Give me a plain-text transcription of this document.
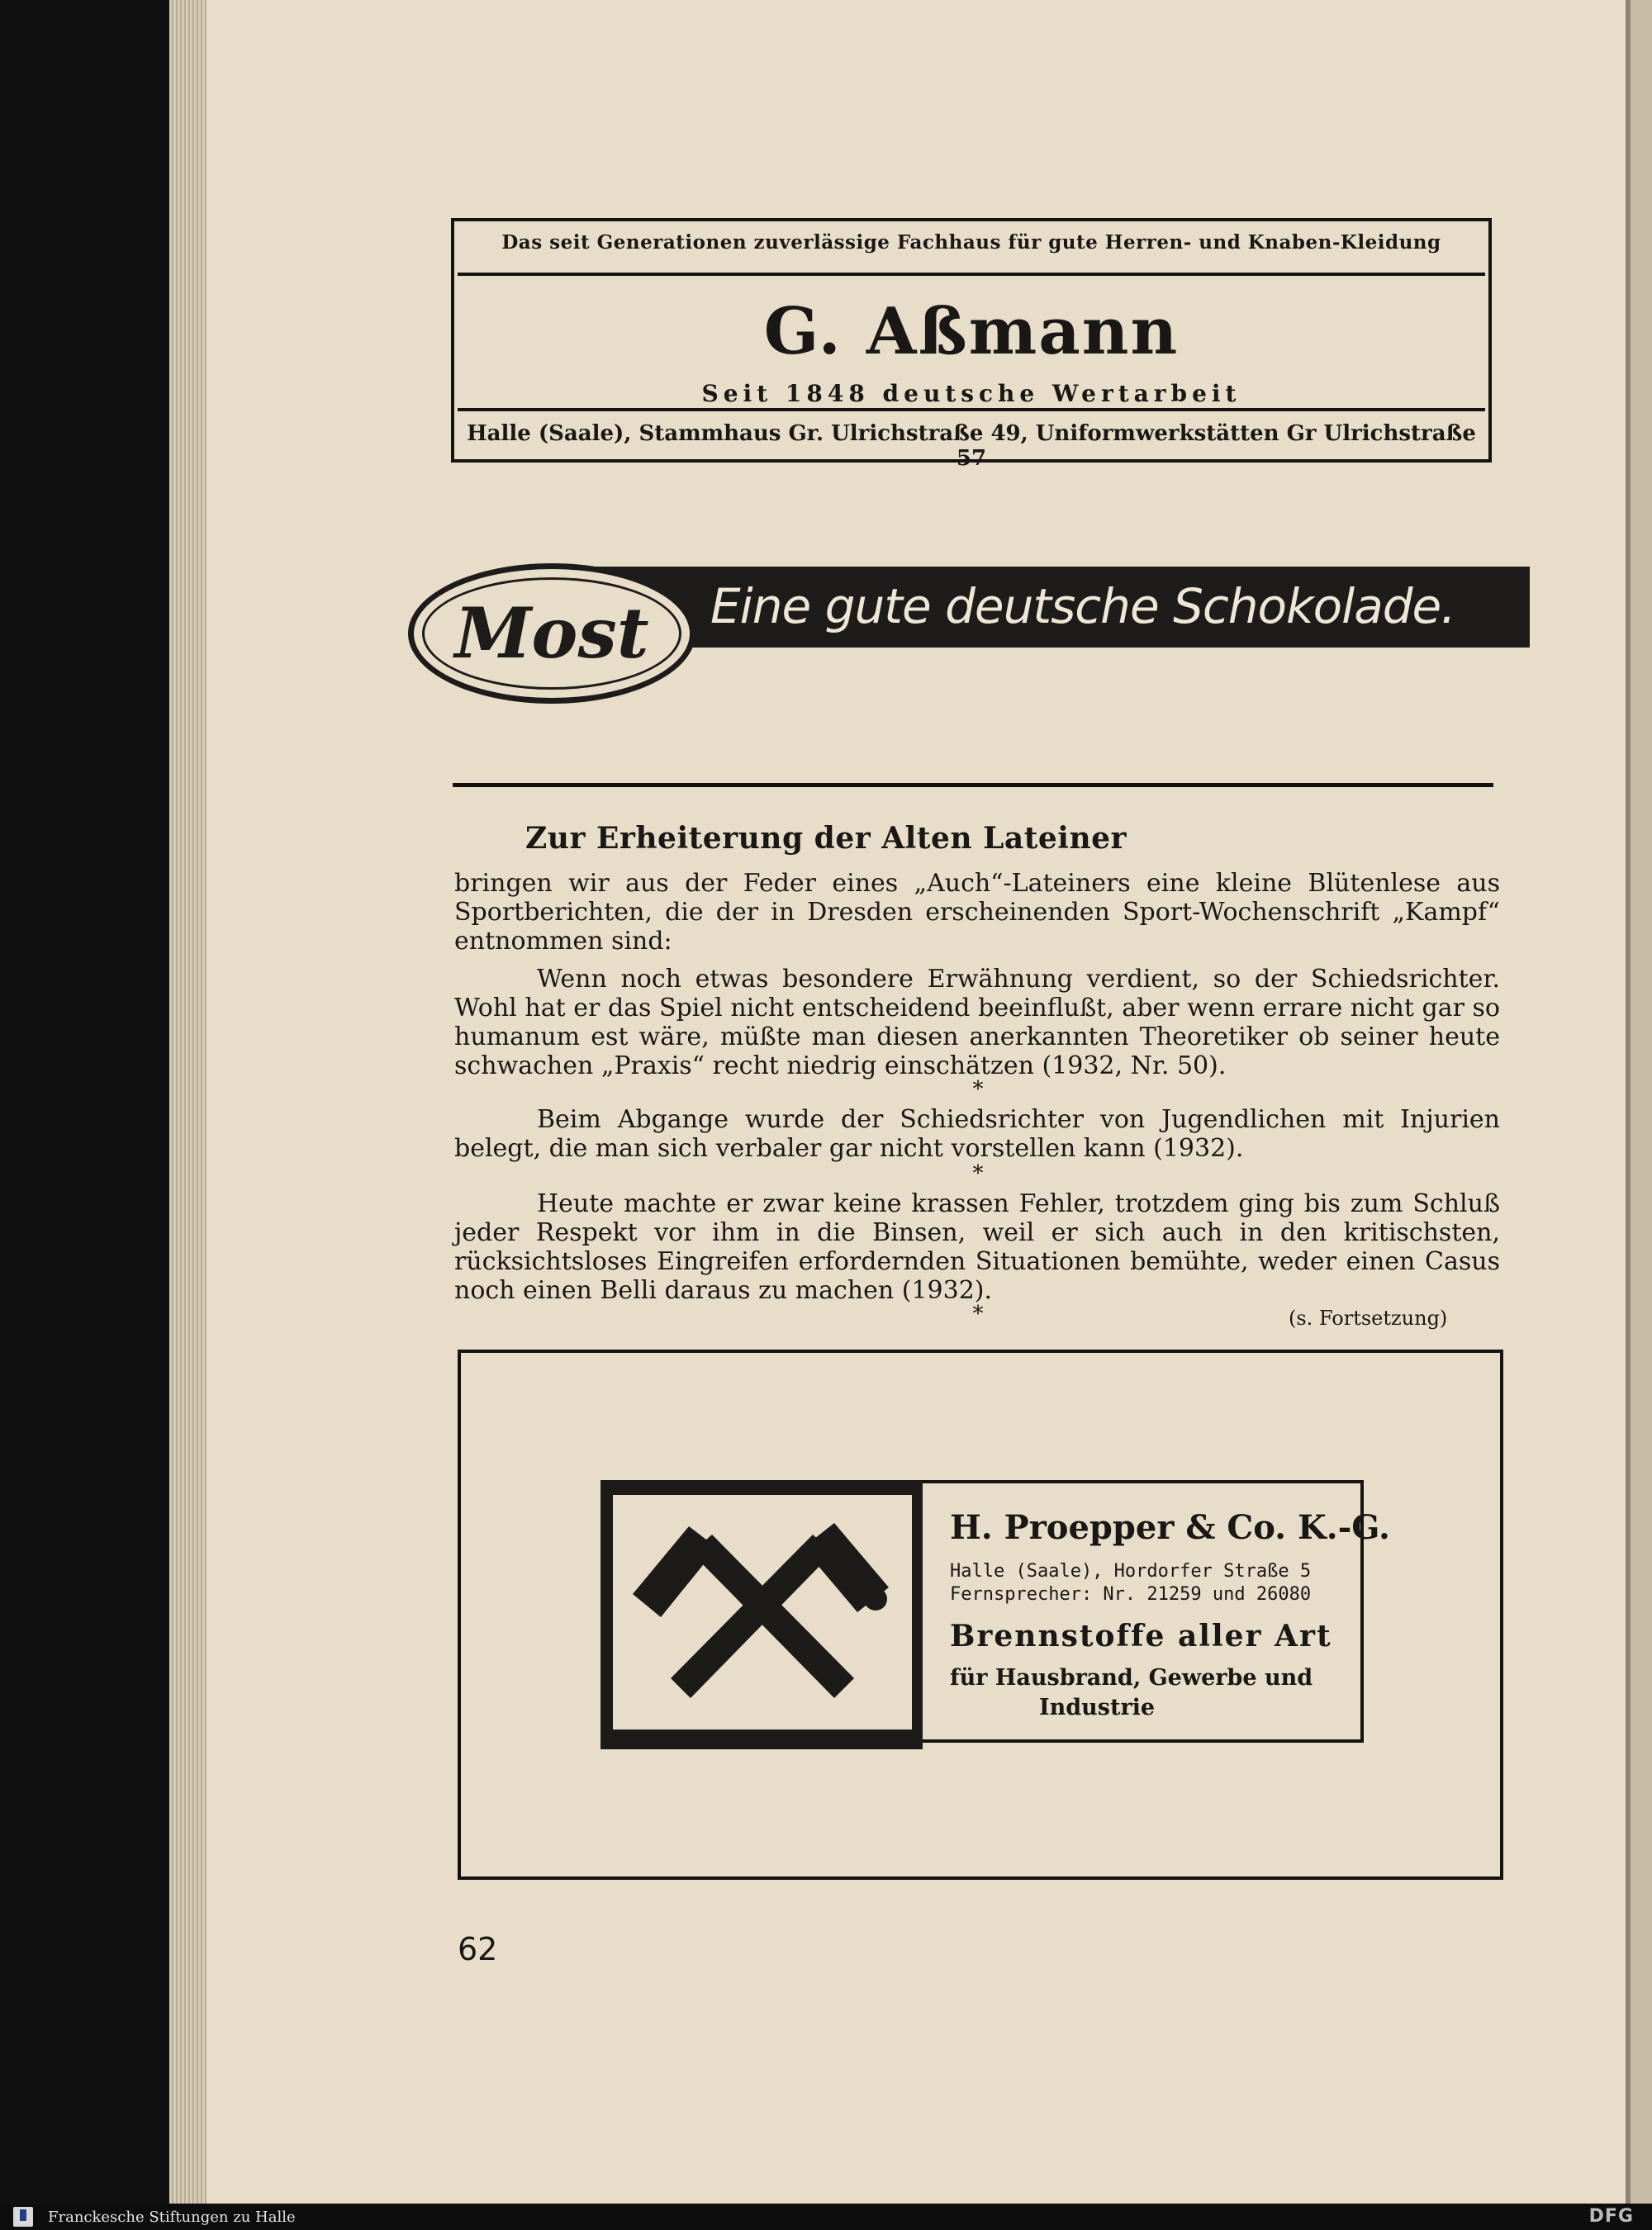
Das seit Generationen zuverlässige Fachhaus für gute Herren- und Knaben-Kleidung
G. Aßmann
Seit 1848 deutsche Wertarbeit
Halle (Saale), Stammhaus Gr. Ulrichstraße 49, Uniformwerkstätten Gr Ulrichstraße 57
Eine gute deutsche Schokolade.
Most
Zur Erheiterung der Alten Lateiner
bringen wir aus der Feder eines „Auch“-Lateiners eine kleine Blütenlese aus Sportberichten, die der in Dresden erscheinenden Sport-Wochenschrift „Kampf“ entnommen sind:
Wenn noch etwas besondere Erwähnung verdient, so der Schiedsrichter. Wohl hat er das Spiel nicht entscheidend beeinflußt, aber wenn errare nicht gar so humanum est wäre, müßte man diesen anerkannten Theoretiker ob seiner heute schwachen „Praxis“ recht niedrig einschätzen (1932, Nr. 50).
*
Beim Abgange wurde der Schiedsrichter von Jugendlichen mit Injurien belegt, die man sich verbaler gar nicht vorstellen kann (1932).
*
Heute machte er zwar keine krassen Fehler, trotzdem ging bis zum Schluß jeder Respekt vor ihm in die Binsen, weil er sich auch in den kritischsten, rücksichtsloses Eingreifen erfordernden Situationen bemühte, weder einen Casus noch einen Belli daraus zu machen (1932).
*	(s. Fortsetzung)
H. Proepper & Co. K.-G.
Halle (Saale), Hordorfer Straße 5
Fernsprecher: Nr. 21259 und 26080
Brennstoffe aller Art
für Hausbrand, Gewerbe und
Industrie
62
Franckesche Stiftungen zu Halle	DFG
